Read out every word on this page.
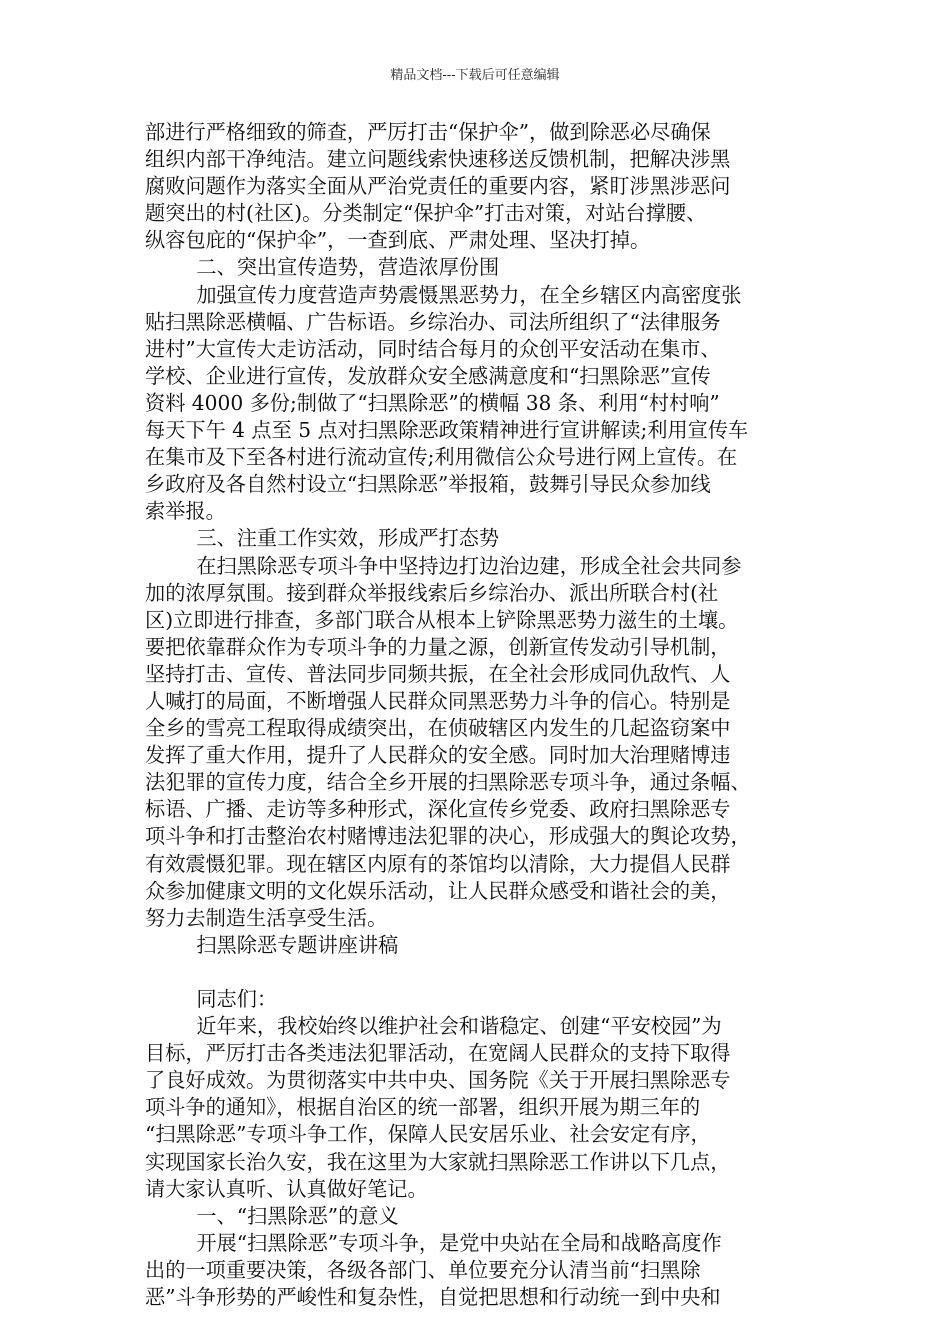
精品文档---下载后可任意编辑
部进行严格细致的筛查，严厉打击“保护伞”，做到除恶必尽确保
组织内部干净纯洁。建立问题线索快速移送反馈机制，把解决涉黑
腐败问题作为落实全面从严治党责任的重要内容，紧盯涉黑涉恶问
题突出的村(社区)。分类制定“保护伞”打击对策，对站台撑腰、
纵容包庇的“保护伞”，一查到底、严肃处理、坚决打掉。
二、突出宣传造势，营造浓厚份围
加强宣传力度营造声势震慑黑恶势力，在全乡辖区内高密度张
贴扫黑除恶横幅、广告标语。乡综治办、司法所组织了“法律服务
进村”大宣传大走访活动，同时结合每月的众创平安活动在集市、
学校、企业进行宣传，发放群众安全感满意度和“扫黑除恶”宣传
资料 4000 多份;制做了“扫黑除恶”的横幅 38 条、利用“村村响”
每天下午 4 点至 5 点对扫黑除恶政策精神进行宣讲解读;利用宣传车
在集市及下至各村进行流动宣传;利用微信公众号进行网上宣传。在
乡政府及各自然村设立“扫黑除恶”举报箱，鼓舞引导民众参加线
索举报。
三、注重工作实效，形成严打态势
在扫黑除恶专项斗争中坚持边打边治边建，形成全社会共同参
加的浓厚氛围。接到群众举报线索后乡综治办、派出所联合村(社
区)立即进行排查，多部门联合从根本上铲除黑恶势力滋生的土壤。
要把依靠群众作为专项斗争的力量之源，创新宣传发动引导机制，
坚持打击、宣传、普法同步同频共振，在全社会形成同仇敌忾、人
人喊打的局面，不断增强人民群众同黑恶势力斗争的信心。特别是
全乡的雪亮工程取得成绩突出，在侦破辖区内发生的几起盗窃案中
发挥了重大作用，提升了人民群众的安全感。同时加大治理赌博违
法犯罪的宣传力度，结合全乡开展的扫黑除恶专项斗争，通过条幅、
标语、广播、走访等多种形式，深化宣传乡党委、政府扫黑除恶专
项斗争和打击整治农村赌博违法犯罪的决心，形成强大的舆论攻势，
有效震慑犯罪。现在辖区内原有的茶馆均以清除，大力提倡人民群
众参加健康文明的文化娱乐活动，让人民群众感受和谐社会的美，
努力去制造生活享受生活。
扫黑除恶专题讲座讲稿
同志们：
近年来，我校始终以维护社会和谐稳定、创建“平安校园”为
目标，严厉打击各类违法犯罪活动，在宽阔人民群众的支持下取得
了良好成效。为贯彻落实中共中央、国务院《关于开展扫黑除恶专
项斗争的通知》，根据自治区的统一部署，组织开展为期三年的
“扫黑除恶”专项斗争工作，保障人民安居乐业、社会安定有序，
实现国家长治久安，我在这里为大家就扫黑除恶工作讲以下几点，
请大家认真听、认真做好笔记。
一、“扫黑除恶”的意义
开展“扫黑除恶”专项斗争，是党中央站在全局和战略高度作
出的一项重要决策，各级各部门、单位要充分认清当前“扫黑除
恶”斗争形势的严峻性和复杂性，自觉把思想和行动统一到中央和
